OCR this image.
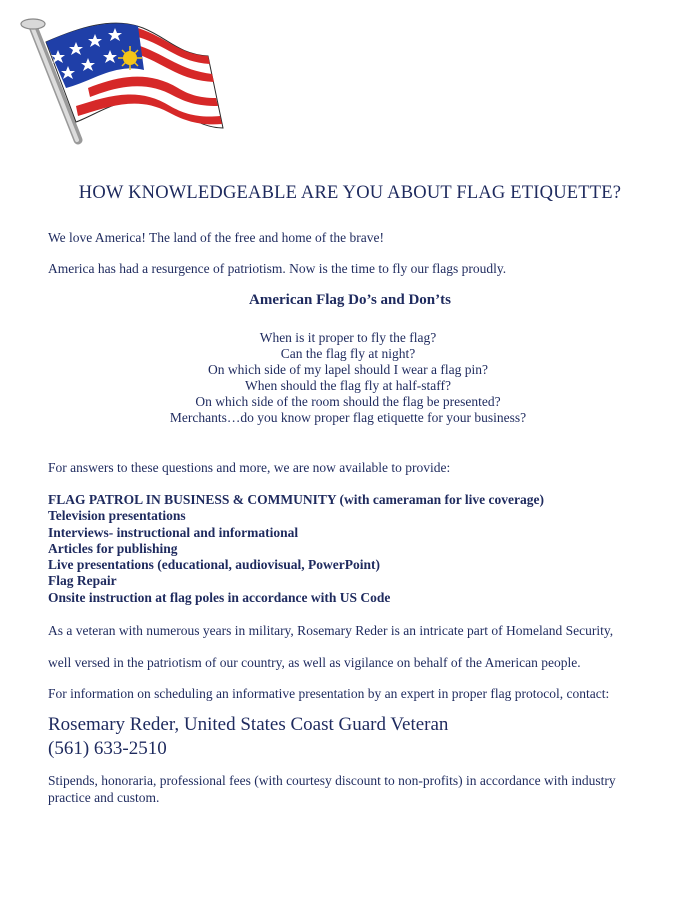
HOW KNOWLEDGEABLE ARE YOU ABOUT FLAG ETIQUETTE?
We love America! The land of the free and home of the brave!
America has had a resurgence of patriotism. Now is the time to fly our flags proudly.
American Flag Do’s and Don’ts
When is it proper to fly the flag?
Can the flag fly at night?
On which side of my lapel should I wear a flag pin?
When should the flag fly at half-staff?
On which side of the room should the flag be presented?
Merchants…do you know proper flag etiquette for your business?
For answers to these questions and more, we are now available to provide:
FLAG PATROL IN BUSINESS & COMMUNITY (with cameraman for live coverage)
Television presentations
Interviews- instructional and informational
Articles for publishing
Live presentations (educational, audiovisual, PowerPoint)
Flag Repair
Onsite instruction at flag poles in accordance with US Code
As a veteran with numerous years in military, Rosemary Reder is an intricate part of Homeland Security,
well versed in the patriotism of our country, as well as vigilance on behalf of the American people.
For information on scheduling an informative presentation by an expert in proper flag protocol, contact:
Rosemary Reder, United States Coast Guard Veteran
(561) 633-2510
Stipends, honoraria, professional fees (with courtesy discount to non-profits) in accordance with industry practice and custom.
